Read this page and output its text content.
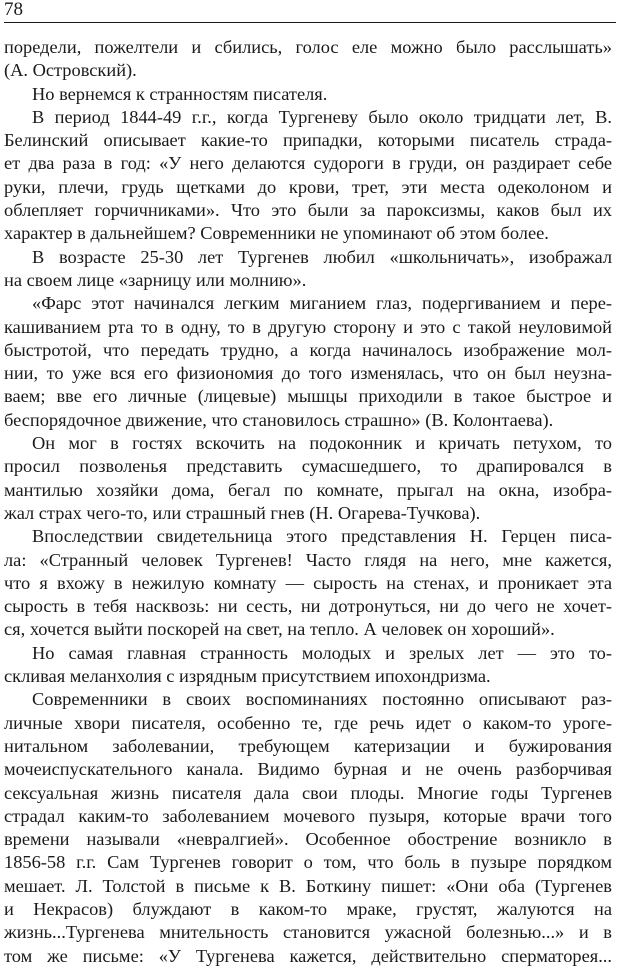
78
поредели, пожелтели и сбились, голос еле можно было расслышать»
(А. Островский).
Но вернемся к странностям писателя.
В период 1844-49 г.г., когда Тургеневу было около тридцати лет, В.
Белинский описывает какие-то припадки, которыми писатель страда-
ет два раза в год: «У него делаются судороги в груди, он раздирает себе
руки, плечи, грудь щетками до крови, трет, эти места одеколоном и
облепляет горчичниками». Что это были за пароксизмы, каков был их
характер в дальнейшем? Современники не упоминают об этом более.
В возрасте 25-30 лет Тургенев любил «школьничать», изображал
на своем лице «зарницу или молнию».
«Фарс этот начинался легким миганием глаз, подергиванием и пере-
кашиванием рта то в одну, то в другую сторону и это с такой неуловимой
быстротой, что передать трудно, а когда начиналось изображение мол-
нии, то уже вся его физиономия до того изменялась, что он был неузна-
ваем; вве его личные (лицевые) мышцы приходили в такое быстрое и
беспорядочное движение, что становилось страшно» (В. Колонтаева).
Он мог в гостях вскочить на подоконник и кричать петухом, то
просил позволенья представить сумасшедшего, то драпировался в
мантилью хозяйки дома, бегал по комнате, прыгал на окна, изобра-
жал страх чего-то, или страшный гнев (Н. Огарева-Тучкова).
Впоследствии свидетельница этого представления Н. Герцен писа-
ла: «Странный человек Тургенев! Часто глядя на него, мне кажется,
что я вхожу в нежилую комнату — сырость на стенах, и проникает эта
сырость в тебя насквозь: ни сесть, ни дотронуться, ни до чего не хочет-
ся, хочется выйти поскорей на свет, на тепло. А человек он хороший».
Но самая главная странность молодых и зрелых лет — это то-
скливая меланхолия с изрядным присутствием ипохондризма.
Современники в своих воспоминаниях постоянно описывают раз-
личные хвори писателя, особенно те, где речь идет о каком-то уроге-
нитальном заболевании, требующем катеризации и бужирования
мочеиспускательного канала. Видимо бурная и не очень разборчивая
сексуальная жизнь писателя дала свои плоды. Многие годы Тургенев
страдал каким-то заболеванием мочевого пузыря, которые врачи того
времени называли «невралгией». Особенное обострение возникло в
1856-58 г.г. Сам Тургенев говорит о том, что боль в пузыре порядком
мешает. Л. Толстой в письме к В. Боткину пишет: «Они оба (Тургенев
и Некрасов) блуждают в каком-то мраке, грустят, жалуются на
жизнь...Тургенева мнительность становится ужасной болезнью...» и в
том же письме: «У Тургенева кажется, действительно сперматорея...
